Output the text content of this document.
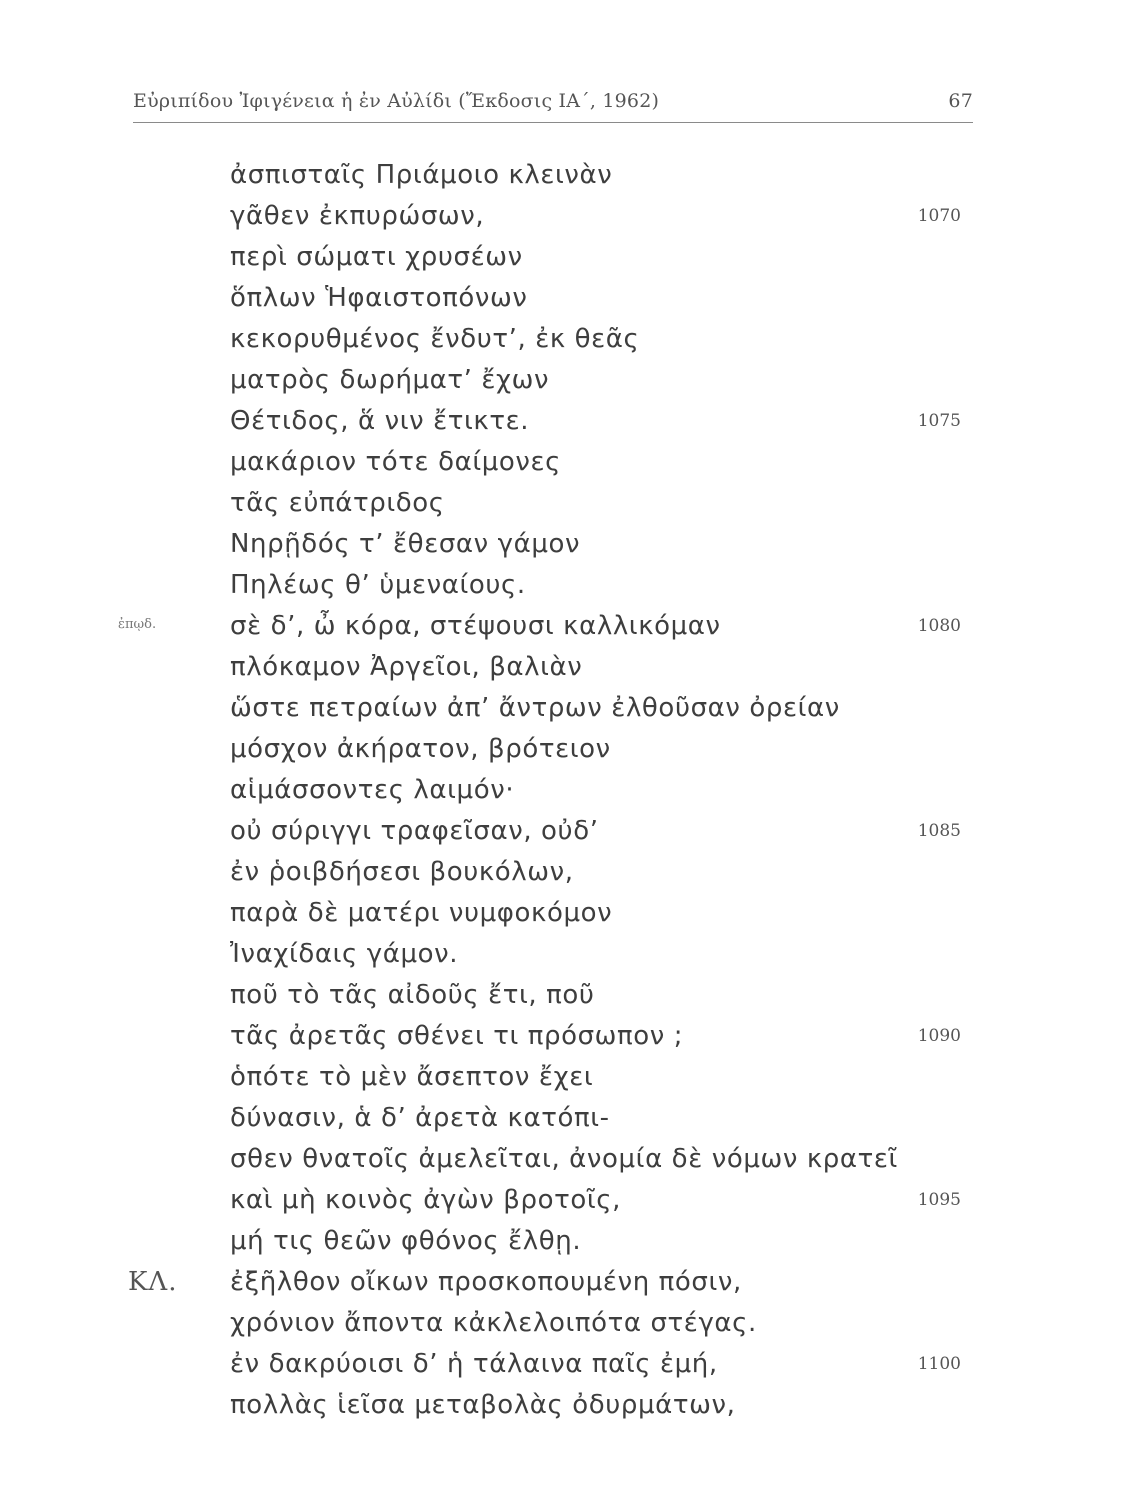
Εὐριπίδου Ἰφιγένεια ἡ ἐν Αὐλίδι (Ἔκδοσις ΙΑ΄, 1962)	67
ἀσπισταῖς Πριάμοιο κλεινὰν
γᾶθεν ἐκπυρώσων,
περὶ σώματι χρυσέων
ὅπλων Ἡφαιστοπόνων
κεκορυθμένος ἔνδυτ’, ἐκ θεᾶς
ματρὸς δωρήματ’ ἔχων
Θέτιδος, ἅ νιν ἔτικτε.
μακάριον τότε δαίμονες
τᾶς εὐπάτριδος
Νηρῇδός τ’ ἔθεσαν γάμον
Πηλέως θ’ ὑμεναίους.
σὲ δ’, ὦ κόρα, στέψουσι καλλικόμαν
πλόκαμον Ἀργεῖοι, βαλιὰν
ὥστε πετραίων ἀπ’ ἄντρων ἐλθοῦσαν ὀρείαν
μόσχον ἀκήρατον, βρότειον
αἱμάσσοντες λαιμόν·
οὐ σύριγγι τραφεῖσαν, οὐδ’
ἐν ῥοιβδήσεσι βουκόλων,
παρὰ δὲ ματέρι νυμφοκόμον
Ἰναχίδαις γάμον.
ποῦ τὸ τᾶς αἰδοῦς ἔτι, ποῦ
τᾶς ἀρετᾶς σθένει τι πρόσωπον ;
ὁπότε τὸ μὲν ἄσεπτον ἔχει
δύνασιν, ἁ δ’ ἀρετὰ κατόπι-
σθεν θνατοῖς ἀμελεῖται, ἀνομία δὲ νόμων κρατεῖ
καὶ μὴ κοινὸς ἀγὼν βροτοῖς,
μή τις θεῶν φθόνος ἔλθῃ.
ἐξῆλθον οἴκων προσκοπουμένη πόσιν,
χρόνιον ἄποντα κἀκλελοιπότα στέγας.
ἐν δακρύοισι δ’ ἡ τάλαινα παῖς ἐμή,
πολλὰς ἱεῖσα μεταβολὰς ὀδυρμάτων,
1070
1075
1080
1085
1090
1095
1100
ἐπῳδ.
ΚΛ.
